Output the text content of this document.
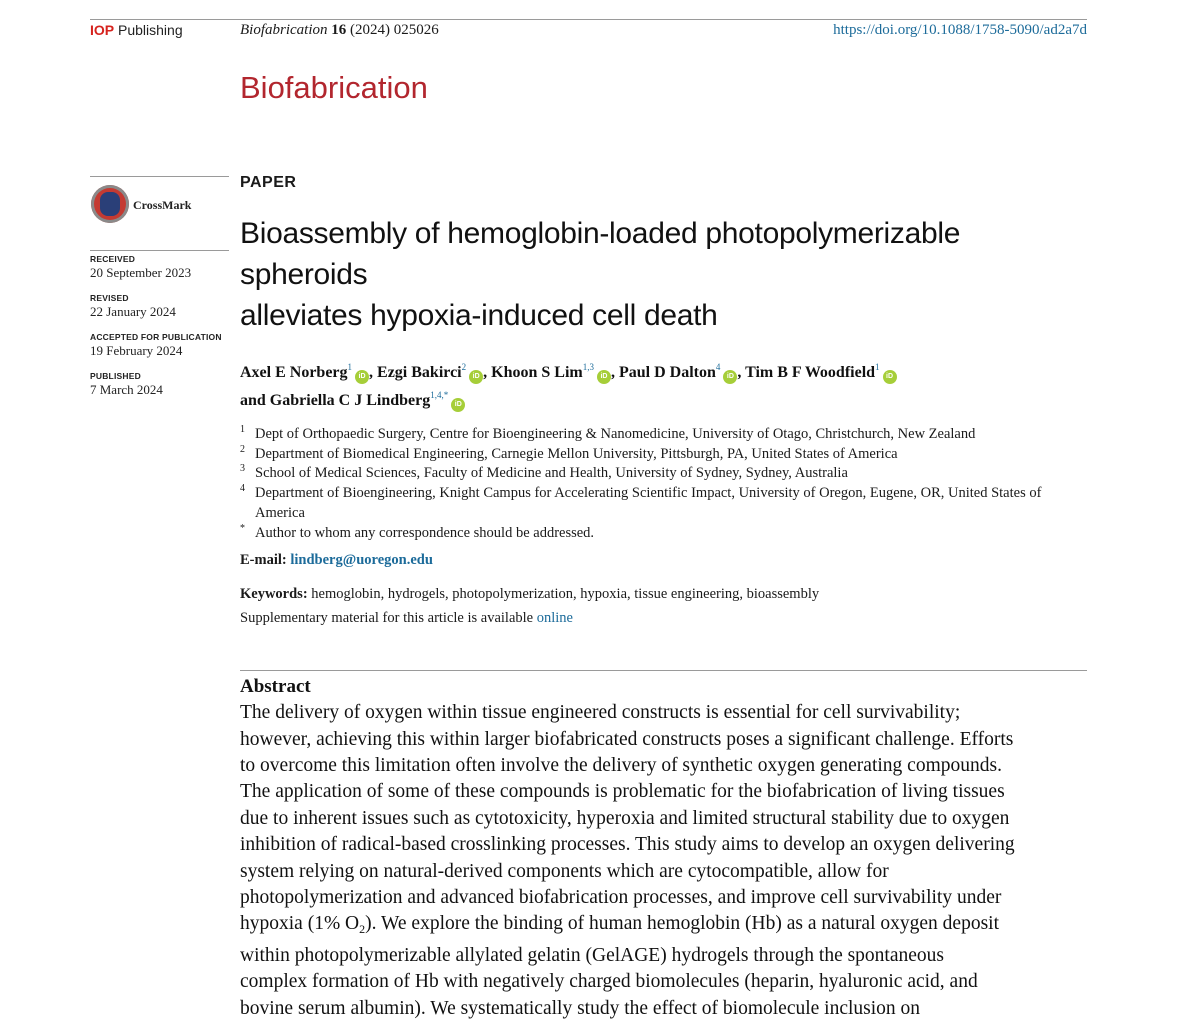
IOP Publishing	Biofabrication 16 (2024) 025026	https://doi.org/10.1088/1758-5090/ad2a7d
Biofabrication
CrossMark
RECEIVED
20 September 2023
REVISED
22 January 2024
ACCEPTED FOR PUBLICATION
19 February 2024
PUBLISHED
7 March 2024
PAPER
Bioassembly of hemoglobin-loaded photopolymerizable spheroids
alleviates hypoxia-induced cell death
Axel E Norberg$^1$iD , Ezgi Bakirci$^2$iD , Khoon S Lim$^{1,3}$iD , Paul D Dalton$^4$iD , Tim B F Woodfield$^1$iD
and Gabriella C J Lindberg$^{1,4,*}$iD
1 Dept of Orthopaedic Surgery, Centre for Bioengineering & Nanomedicine, University of Otago, Christchurch, New Zealand
2 Department of Biomedical Engineering, Carnegie Mellon University, Pittsburgh, PA, United States of America
3 School of Medical Sciences, Faculty of Medicine and Health, University of Sydney, Sydney, Australia
4 Department of Bioengineering, Knight Campus for Accelerating Scientific Impact, University of Oregon, Eugene, OR, United States of
America
* Author to whom any correspondence should be addressed.
E-mail: lindberg@uoregon.edu
Keywords: hemoglobin, hydrogels, photopolymerization, hypoxia, tissue engineering, bioassembly
Supplementary material for this article is available online
Abstract
The delivery of oxygen within tissue engineered constructs is essential for cell survivability;
however, achieving this within larger biofabricated constructs poses a significant challenge. Efforts
to overcome this limitation often involve the delivery of synthetic oxygen generating compounds.
The application of some of these compounds is problematic for the biofabrication of living tissues
due to inherent issues such as cytotoxicity, hyperoxia and limited structural stability due to oxygen
inhibition of radical-based crosslinking processes. This study aims to develop an oxygen delivering
system relying on natural-derived components which are cytocompatible, allow for
photopolymerization and advanced biofabrication processes, and improve cell survivability under
hypoxia (1% $O_2$). We explore the binding of human hemoglobin (Hb) as a natural oxygen deposit
within photopolymerizable allylated gelatin (GelAGE) hydrogels through the spontaneous
complex formation of Hb with negatively charged biomolecules (heparin, hyaluronic acid, and
bovine serum albumin). We systematically study the effect of biomolecule inclusion on
